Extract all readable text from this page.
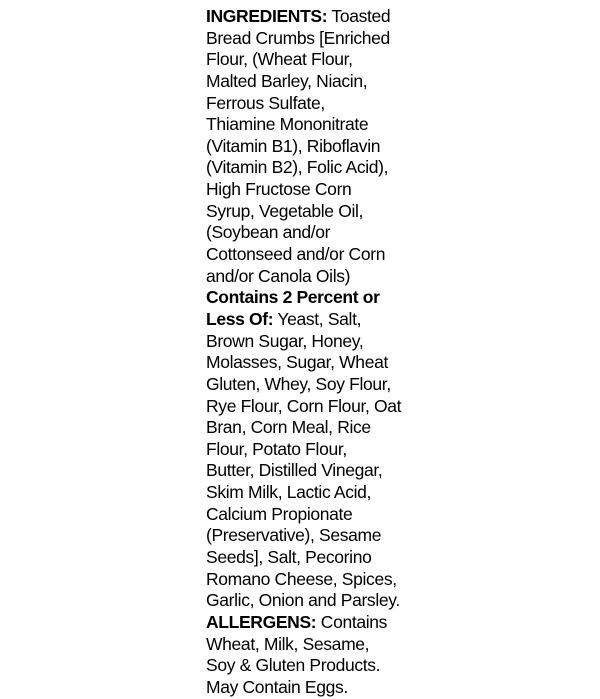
INGREDIENTS: Toasted
Bread Crumbs [Enriched
Flour, (Wheat Flour,
Malted Barley, Niacin,
Ferrous Sulfate,
Thiamine Mononitrate
(Vitamin B1), Riboflavin
(Vitamin B2), Folic Acid),
High Fructose Corn
Syrup, Vegetable Oil,
(Soybean and/or
Cottonseed and/or Corn
and/or Canola Oils)
Contains 2 Percent or
Less Of: Yeast, Salt,
Brown Sugar, Honey,
Molasses, Sugar, Wheat
Gluten, Whey, Soy Flour,
Rye Flour, Corn Flour, Oat
Bran, Corn Meal, Rice
Flour, Potato Flour,
Butter, Distilled Vinegar,
Skim Milk, Lactic Acid,
Calcium Propionate
(Preservative), Sesame
Seeds], Salt, Pecorino
Romano Cheese, Spices,
Garlic, Onion and Parsley.
ALLERGENS: Contains
Wheat, Milk, Sesame,
Soy & Gluten Products.
May Contain Eggs.
